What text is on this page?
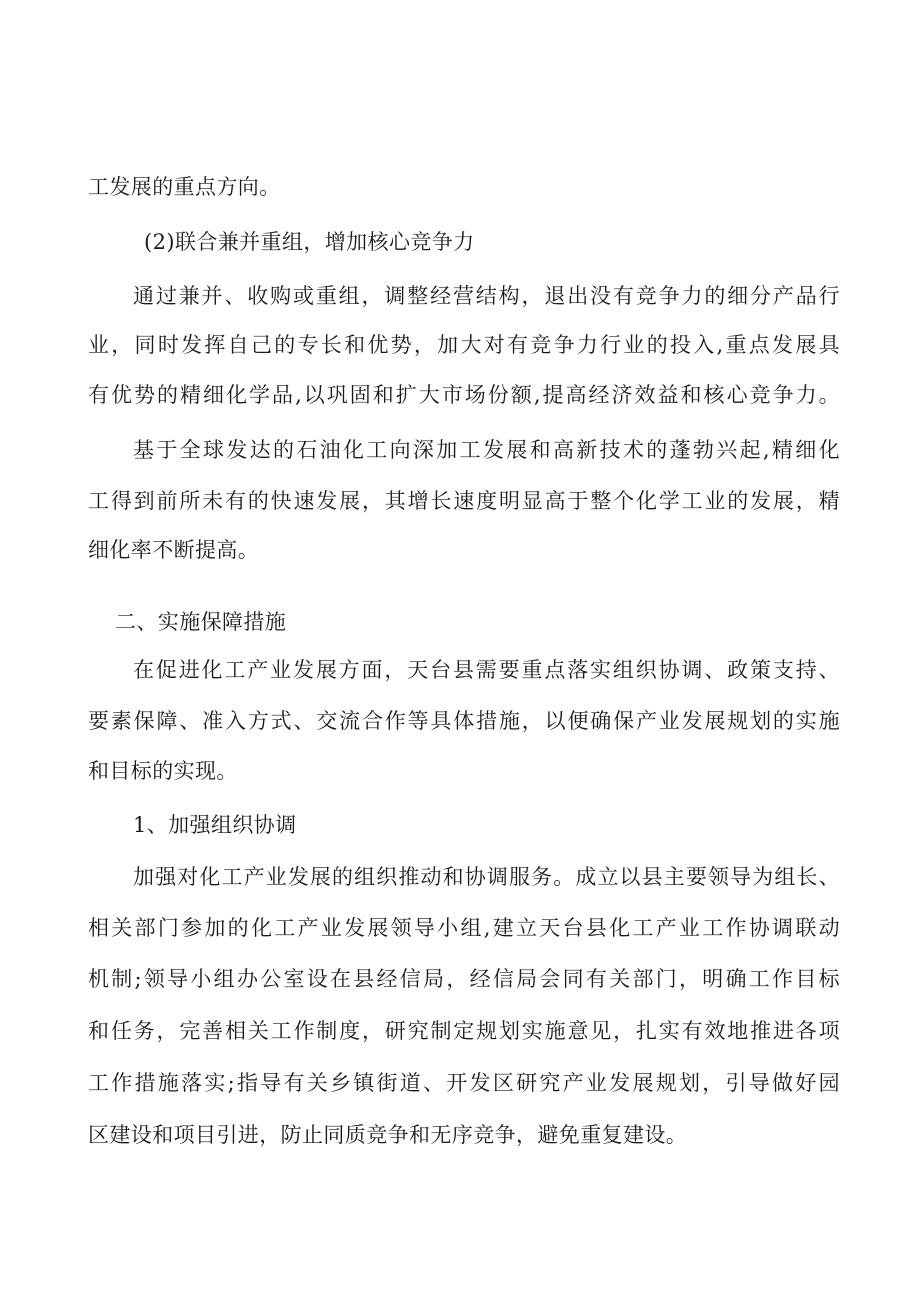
工发展的重点方向。
(2)联合兼并重组，增加核心竞争力
通过兼并、收购或重组，调整经营结构，退出没有竞争力的细分产品行
业，同时发挥自己的专长和优势，加大对有竞争力行业的投入,重点发展具
有优势的精细化学品,以巩固和扩大市场份额,提高经济效益和核心竞争力。
基于全球发达的石油化工向深加工发展和高新技术的蓬勃兴起,精细化
工得到前所未有的快速发展，其增长速度明显高于整个化学工业的发展，精
细化率不断提高。
二、实施保障措施
在促进化工产业发展方面，天台县需要重点落实组织协调、政策支持、
要素保障、准入方式、交流合作等具体措施，以便确保产业发展规划的实施
和目标的实现。
1、加强组织协调
加强对化工产业发展的组织推动和协调服务。成立以县主要领导为组长、
相关部门参加的化工产业发展领导小组,建立天台县化工产业工作协调联动
机制;领导小组办公室设在县经信局，经信局会同有关部门，明确工作目标
和任务，完善相关工作制度，研究制定规划实施意见，扎实有效地推进各项
工作措施落实;指导有关乡镇街道、开发区研究产业发展规划，引导做好园
区建设和项目引进，防止同质竞争和无序竞争，避免重复建设。
